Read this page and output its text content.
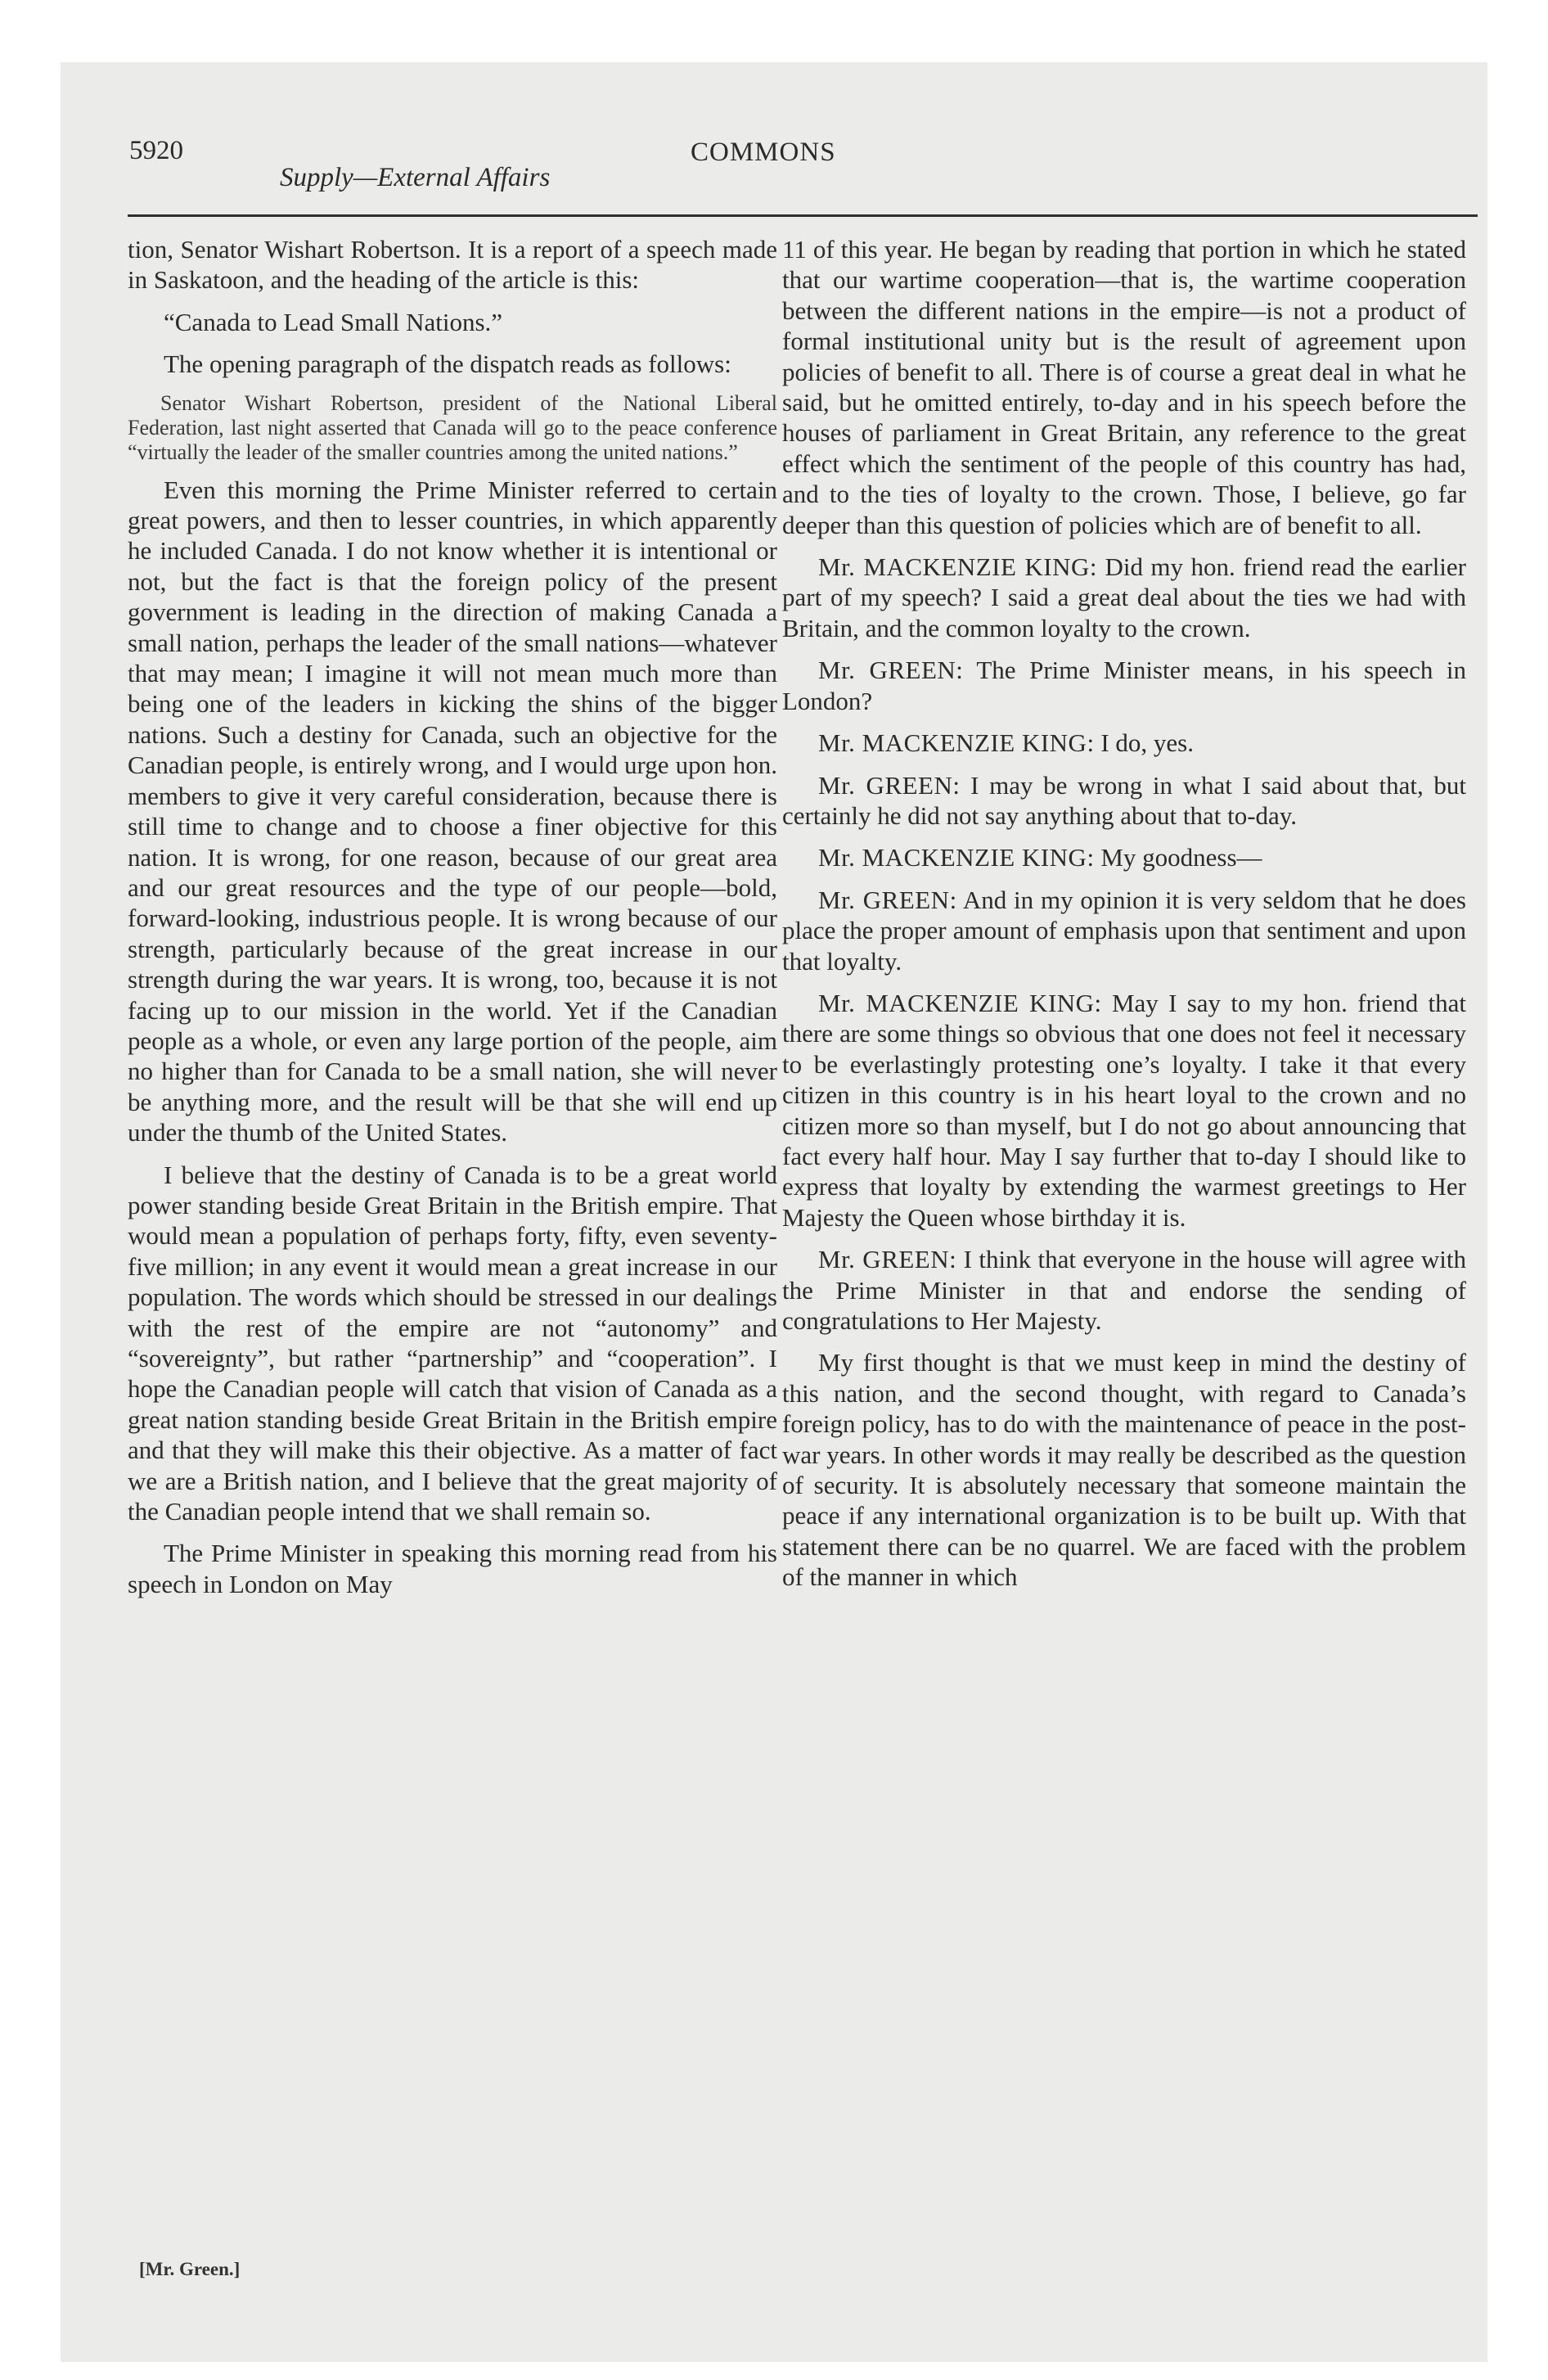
5920
Supply—External Affairs
COMMONS

tion, Senator Wishart Robertson. It is a report of a speech made in Saskatoon, and the heading of the article is this:

“Canada to Lead Small Nations.”

The opening paragraph of the dispatch reads as follows:

Senator Wishart Robertson, president of the National Liberal Federation, last night asserted that Canada will go to the peace conference “virtually the leader of the smaller countries among the united nations.”

Even this morning the Prime Minister referred to certain great powers, and then to lesser countries, in which apparently he included Canada. I do not know whether it is intentional or not, but the fact is that the foreign policy of the present government is leading in the direction of making Canada a small nation, perhaps the leader of the small nations—whatever that may mean; I imagine it will not mean much more than being one of the leaders in kicking the shins of the bigger nations. Such a destiny for Canada, such an objective for the Canadian people, is entirely wrong, and I would urge upon hon. members to give it very careful consideration, because there is still time to change and to choose a finer objective for this nation. It is wrong, for one reason, because of our great area and our great resources and the type of our people—bold, forward-looking, industrious people. It is wrong because of our strength, particularly because of the great increase in our strength during the war years. It is wrong, too, because it is not facing up to our mission in the world. Yet if the Canadian people as a whole, or even any large portion of the people, aim no higher than for Canada to be a small nation, she will never be anything more, and the result will be that she will end up under the thumb of the United States.

I believe that the destiny of Canada is to be a great world power standing beside Great Britain in the British empire. That would mean a population of perhaps forty, fifty, even seventy-five million; in any event it would mean a great increase in our population. The words which should be stressed in our dealings with the rest of the empire are not “autonomy” and “sovereignty”, but rather “partnership” and “cooperation”. I hope the Canadian people will catch that vision of Canada as a great nation standing beside Great Britain in the British empire and that they will make this their objective. As a matter of fact we are a British nation, and I believe that the great majority of the Canadian people intend that we shall remain so.

The Prime Minister in speaking this morning read from his speech in London on May

11 of this year. He began by reading that portion in which he stated that our wartime cooperation—that is, the wartime cooperation between the different nations in the empire—is not a product of formal institutional unity but is the result of agreement upon policies of benefit to all. There is of course a great deal in what he said, but he omitted entirely, to-day and in his speech before the houses of parliament in Great Britain, any reference to the great effect which the sentiment of the people of this country has had, and to the ties of loyalty to the crown. Those, I believe, go far deeper than this question of policies which are of benefit to all.

Mr. MACKENZIE KING: Did my hon. friend read the earlier part of my speech? I said a great deal about the ties we had with Britain, and the common loyalty to the crown.

Mr. GREEN: The Prime Minister means, in his speech in London?

Mr. MACKENZIE KING: I do, yes.

Mr. GREEN: I may be wrong in what I said about that, but certainly he did not say anything about that to-day.

Mr. MACKENZIE KING: My goodness—

Mr. GREEN: And in my opinion it is very seldom that he does place the proper amount of emphasis upon that sentiment and upon that loyalty.

Mr. MACKENZIE KING: May I say to my hon. friend that there are some things so obvious that one does not feel it necessary to be everlastingly protesting one’s loyalty. I take it that every citizen in this country is in his heart loyal to the crown and no citizen more so than myself, but I do not go about announcing that fact every half hour. May I say further that to-day I should like to express that loyalty by extending the warmest greetings to Her Majesty the Queen whose birthday it is.

Mr. GREEN: I think that everyone in the house will agree with the Prime Minister in that and endorse the sending of congratulations to Her Majesty.

My first thought is that we must keep in mind the destiny of this nation, and the second thought, with regard to Canada’s foreign policy, has to do with the maintenance of peace in the post-war years. In other words it may really be described as the question of security. It is absolutely necessary that someone maintain the peace if any international organization is to be built up. With that statement there can be no quarrel. We are faced with the problem of the manner in which

[Mr. Green.]
